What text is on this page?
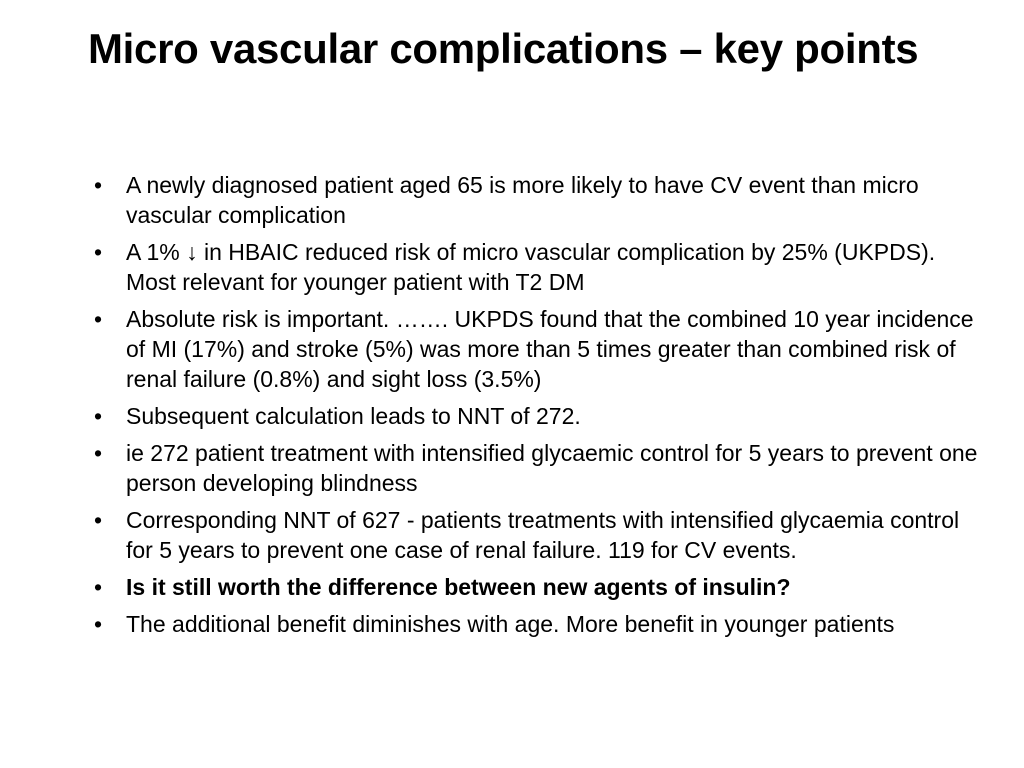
Micro vascular complications – key points
• A newly diagnosed patient aged 65 is more likely to have CV event than micro vascular complication
• A 1% ↓ in HBAIC reduced risk of micro vascular complication by 25% (UKPDS). Most relevant for younger patient with T2 DM
• Absolute risk is important. ……. UKPDS found that the combined 10 year incidence of MI (17%) and stroke (5%) was more than 5 times greater than combined risk of renal failure (0.8%) and sight loss (3.5%)
• Subsequent calculation leads to NNT of 272.
• ie 272 patient treatment with intensified glycaemic control for 5 years to prevent one person developing blindness
• Corresponding NNT of 627 - patients treatments with intensified glycaemia control for 5 years to prevent one case of renal failure. 119 for CV events.
• Is it still worth the difference between new agents of insulin?
• The additional benefit diminishes with age. More benefit in younger patients
